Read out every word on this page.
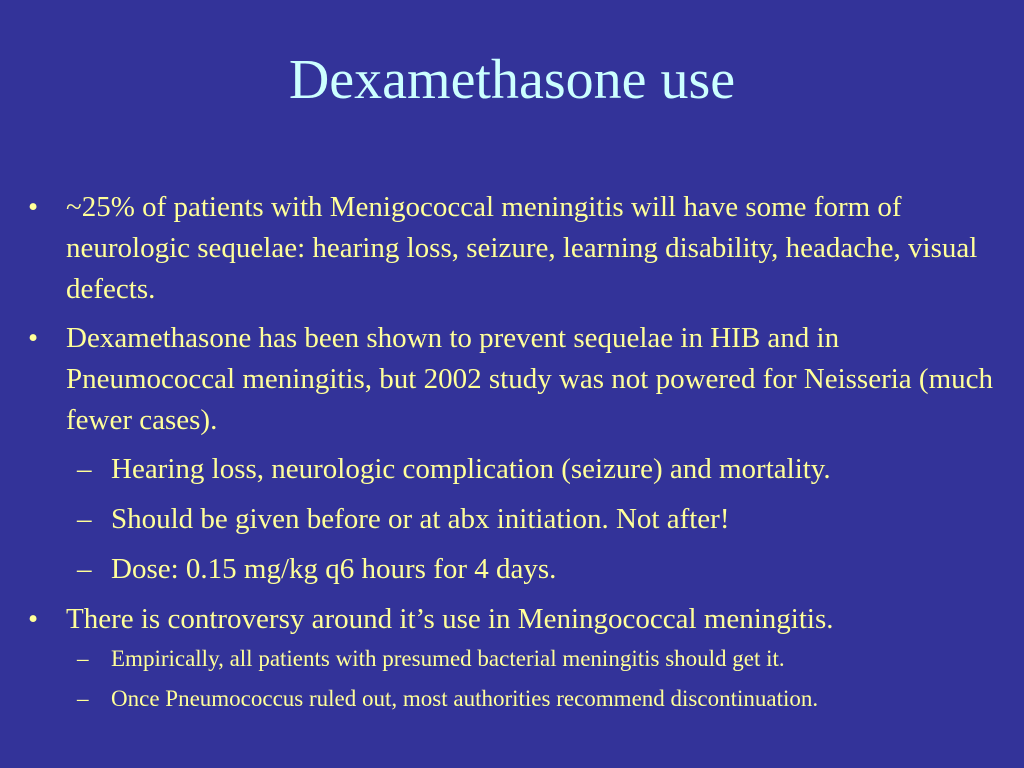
Dexamethasone use
• ~25% of patients with Menigococcal meningitis will have some form of neurologic sequelae: hearing loss, seizure, learning disability, headache, visual defects.
• Dexamethasone has been shown to prevent sequelae in HIB and in Pneumococcal meningitis, but 2002 study was not powered for Neisseria (much fewer cases).
– Hearing loss, neurologic complication (seizure) and mortality.
– Should be given before or at abx initiation. Not after!
– Dose: 0.15 mg/kg q6 hours for 4 days.
• There is controversy around it’s use in Meningococcal meningitis.
– Empirically, all patients with presumed bacterial meningitis should get it.
– Once Pneumococcus ruled out, most authorities recommend discontinuation.
